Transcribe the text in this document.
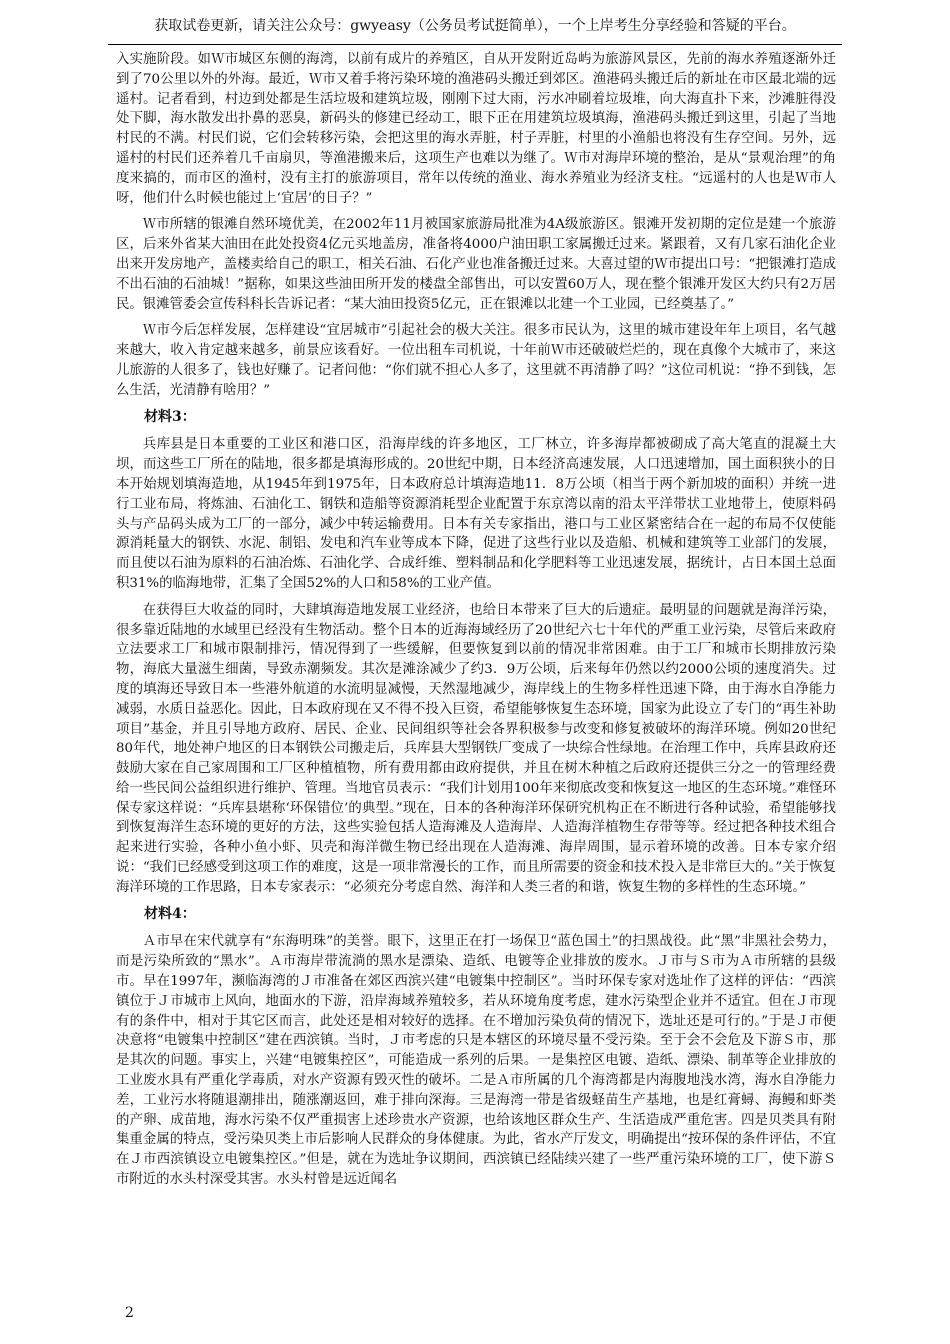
获取试卷更新，请关注公众号：gwyeasy（公务员考试挺简单），一个上岸考生分享经验和答疑的平台。

入实施阶段。如Ｗ市城区东侧的海湾，以前有成片的养殖区，自从开发附近岛屿为旅游风景区，先前的海水养殖逐渐外迁到了70公里以外的外海。最近，Ｗ市又着手将污染环境的渔港码头搬迁到郊区。渔港码头搬迁后的新址在市区最北端的远遥村。记者看到，村边到处都是生活垃圾和建筑垃圾，刚刚下过大雨，污水冲刷着垃圾堆，向大海直扑下来，沙滩脏得没处下脚，海水散发出扑鼻的恶臭，新码头的修建已经动工，眼下正在用建筑垃圾填海，渔港码头搬迁到这里，引起了当地村民的不满。村民们说，它们会转移污染，会把这里的海水弄脏，村子弄脏，村里的小渔船也将没有生存空间。另外，远遥村的村民们还养着几千亩扇贝，等渔港搬来后，这项生产也难以为继了。Ｗ市对海岸环境的整治，是从“景观治理”的角度来搞的，而市区的渔村，没有主打的旅游项目，常年以传统的渔业、海水养殖业为经济支柱。“远遥村的人也是Ｗ市人呀，他们什么时候也能过上‘宜居’的日子？”

Ｗ市所辖的银滩自然环境优美，在2002年11月被国家旅游局批准为4A级旅游区。银滩开发初期的定位是建一个旅游区，后来外省某大油田在此处投资4亿元买地盖房，准备将4000户油田职工家属搬迁过来。紧跟着，又有几家石油化企业出来开发房地产，盖楼卖给自己的职工，相关石油、石化产业也准备搬迁过来。大喜过望的Ｗ市提出口号：“把银滩打造成不出石油的石油城！”据称，如果这些油田所开发的楼盘全部售出，可以安置60万人，现在整个银滩开发区大约只有2万居民。银滩管委会宣传科科长告诉记者：“某大油田投资5亿元，正在银滩以北建一个工业园，已经奠基了。”

Ｗ市今后怎样发展，怎样建设“宜居城市”引起社会的极大关注。很多市民认为，这里的城市建设年年上项目，名气越来越大，收入肯定越来越多，前景应该看好。一位出租车司机说，十年前Ｗ市还破破烂烂的，现在真像个大城市了，来这儿旅游的人很多了，钱也好赚了。记者问他：“你们就不担心人多了，这里就不再清静了吗？”这位司机说：“挣不到钱，怎么生活，光清静有啥用？”

材料3：

兵库县是日本重要的工业区和港口区，沿海岸线的许多地区，工厂林立，许多海岸都被砌成了高大笔直的混凝土大坝，而这些工厂所在的陆地，很多都是填海形成的。20世纪中期，日本经济高速发展，人口迅速增加，国土面积狭小的日本开始规划填海造地，从1945年到1975年，日本政府总计填海造地11．8万公顷（相当于两个新加坡的面积）并统一进行工业布局，将炼油、石油化工、钢铁和造船等资源消耗型企业配置于东京湾以南的沿太平洋带状工业地带上，使原料码头与产品码头成为工厂的一部分，减少中转运输费用。日本有关专家指出，港口与工业区紧密结合在一起的布局不仅使能源消耗量大的钢铁、水泥、制铝、发电和汽车业等成本下降，促进了这些行业以及造船、机械和建筑等工业部门的发展，而且使以石油为原料的石油冶炼、石油化学、合成纤维、塑料制品和化学肥料等工业迅速发展，据统计，占日本国土总面积31%的临海地带，汇集了全国52%的人口和58%的工业产值。

在获得巨大收益的同时，大肆填海造地发展工业经济，也给日本带来了巨大的后遗症。最明显的问题就是海洋污染，很多靠近陆地的水域里已经没有生物活动。整个日本的近海海域经历了20世纪六七十年代的严重工业污染，尽管后来政府立法要求工厂和城市限制排污，情况得到了一些缓解，但要恢复到以前的情况非常困难。由于工厂和城市长期排放污染物，海底大量滋生细菌，导致赤潮频发。其次是滩涂减少了约3．9万公顷，后来每年仍然以约2000公顷的速度消失。过度的填海还导致日本一些港外航道的水流明显减慢，天然湿地减少，海岸线上的生物多样性迅速下降，由于海水自净能力减弱，水质日益恶化。因此，日本政府现在又不得不投入巨资，希望能够恢复生态环境，国家为此设立了专门的“再生补助项目”基金，并且引导地方政府、居民、企业、民间组织等社会各界积极参与改变和修复被破坏的海洋环境。例如20世纪80年代，地处神户地区的日本钢铁公司搬走后，兵库县大型钢铁厂变成了一块综合性绿地。在治理工作中，兵库县政府还鼓励大家在自己家周围和工厂区种植植物，所有费用都由政府提供，并且在树木种植之后政府还提供三分之一的管理经费给一些民间公益组织进行维护、管理。当地官员表示：“我们计划用100年来彻底改变和恢复这一地区的生态环境。”难怪环保专家这样说：“兵库县堪称‘环保错位’的典型。”现在，日本的各种海洋环保研究机构正在不断进行各种试验，希望能够找到恢复海洋生态环境的更好的方法，这些实验包括人造海滩及人造海岸、人造海洋植物生存带等等。经过把各种技术组合起来进行实验，各种小鱼小虾、贝壳和海洋微生物已经出现在人造海滩、海岸周围，显示着环境的改善。日本专家介绍说：“我们已经感受到这项工作的难度，这是一项非常漫长的工作，而且所需要的资金和技术投入是非常巨大的。”关于恢复海洋环境的工作思路，日本专家表示：“必须充分考虑自然、海洋和人类三者的和谐，恢复生物的多样性的生态环境。”

材料4：

Ａ市早在宋代就享有“东海明珠”的美誉。眼下，这里正在打一场保卫“蓝色国土”的扫黑战役。此“黑”非黑社会势力，而是污染所致的“黑水”。Ａ市海岸带流淌的黑水是漂染、造纸、电镀等企业排放的废水。Ｊ市与Ｓ市为Ａ市所辖的县级市。早在1997年，濒临海湾的Ｊ市准备在郊区西滨兴建“电镀集中控制区”。当时环保专家对选址作了这样的评估：“西滨镇位于Ｊ市城市上风向，地面水的下游，沿岸海域养殖较多，若从环境角度考虑，建水污染型企业并不适宜。但在Ｊ市现有的条件中，相对于其它区而言，此处还是相对较好的选择。在不增加污染负荷的情况下，选址还是可行的。”于是Ｊ市便决意将“电镀集中控制区”建在西滨镇。当时，Ｊ市考虑的只是本辖区的环境尽量不受污染。至于会不会危及下游Ｓ市，那是其次的问题。事实上，兴建“电镀集控区”，可能造成一系列的后果。一是集控区电镀、造纸、漂染、制革等企业排放的工业废水具有严重化学毒质，对水产资源有毁灭性的破坏。二是Ａ市所属的几个海湾都是内海腹地浅水湾，海水自净能力差，工业污水将随退潮排出，随涨潮返回，难于排向深海。三是海湾一带是省级蛏苗生产基地，也是红膏蟳、海鳗和虾类的产卵、成苗地，海水污染不仅严重损害上述珍贵水产资源，也给该地区群众生产、生活造成严重危害。四是贝类具有附集重金属的特点，受污染贝类上市后影响人民群众的身体健康。为此，省水产厅发文，明确提出“按环保的条件评估，不宜在Ｊ市西滨镇设立电镀集控区。”但是，就在为选址争议期间，西滨镇已经陆续兴建了一些严重污染环境的工厂，使下游Ｓ市附近的水头村深受其害。水头村曾是远近闻名

2
